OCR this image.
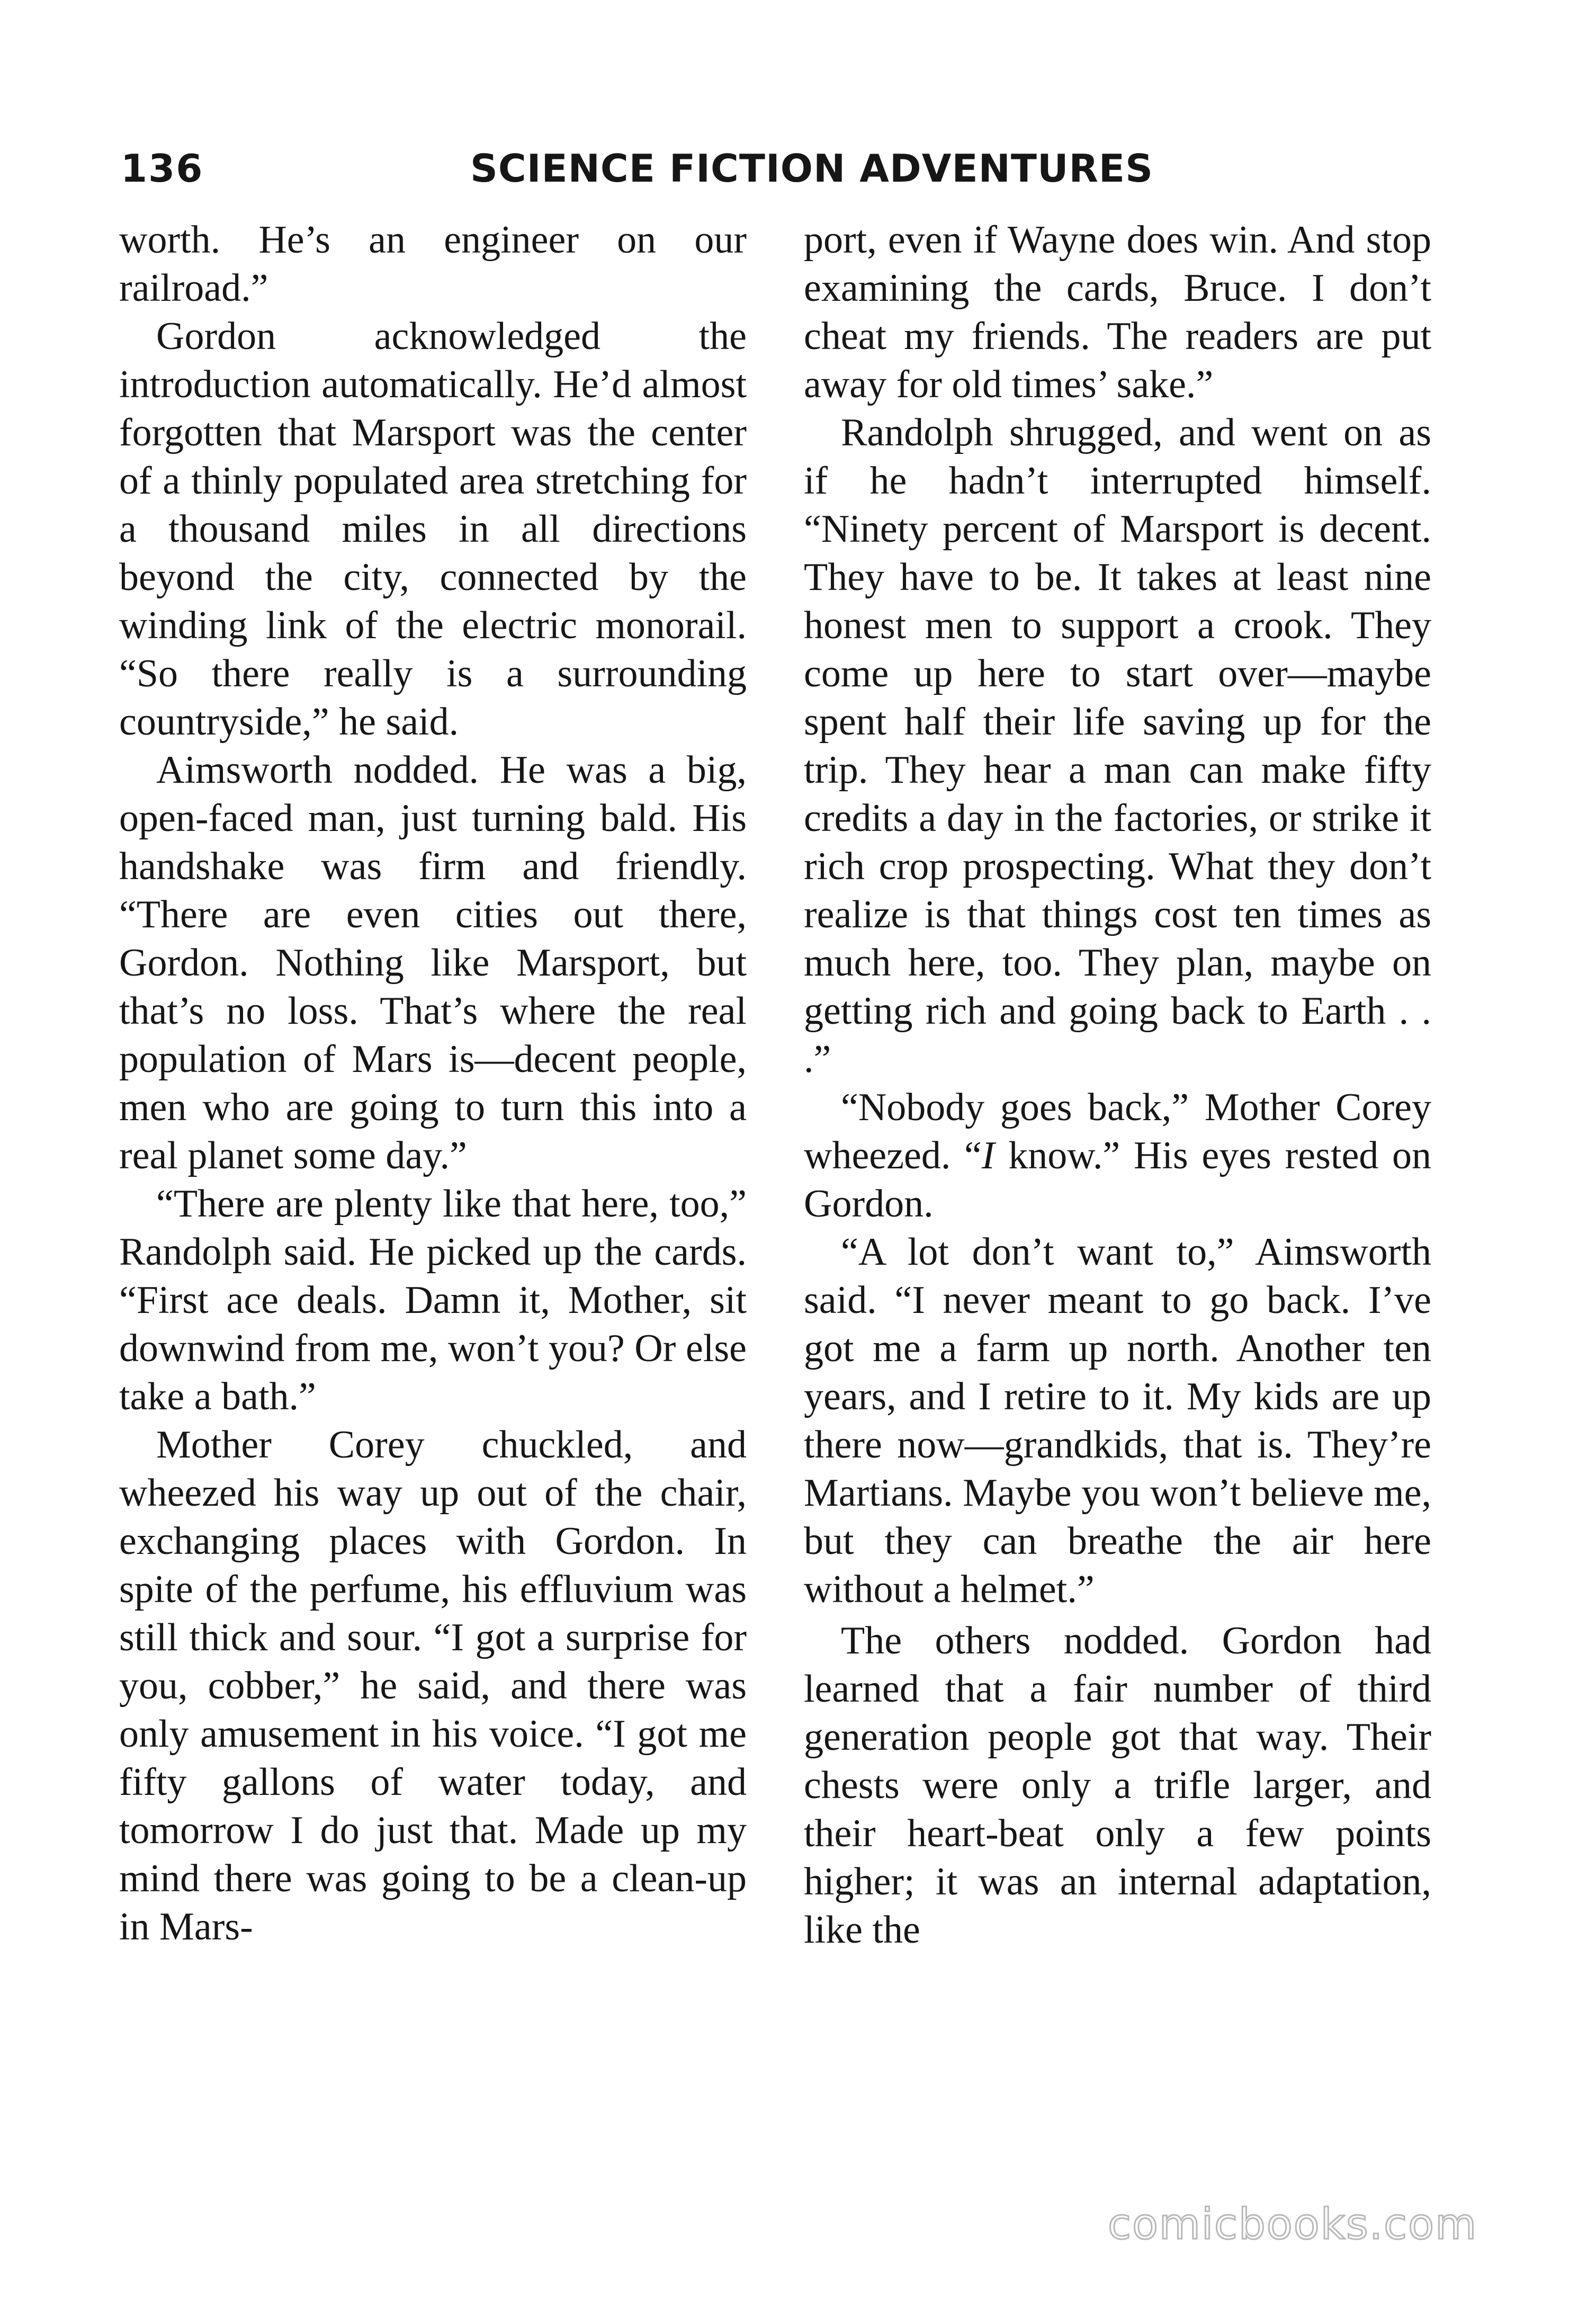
136	SCIENCE FICTION ADVENTURES

worth. He’s an engineer on our railroad.”

Gordon acknowledged the introduction automatically. He’d almost forgotten that Marsport was the center of a thinly populated area stretching for a thousand miles in all directions beyond the city, connected by the winding link of the electric monorail. “So there really is a surrounding countryside,” he said.

Aimsworth nodded. He was a big, open-faced man, just turning bald. His handshake was firm and friendly. “There are even cities out there, Gordon. Nothing like Marsport, but that’s no loss. That’s where the real population of Mars is—decent people, men who are going to turn this into a real planet some day.”

“There are plenty like that here, too,” Randolph said. He picked up the cards. “First ace deals. Damn it, Mother, sit downwind from me, won’t you? Or else take a bath.”

Mother Corey chuckled, and wheezed his way up out of the chair, exchanging places with Gordon. In spite of the perfume, his effluvium was still thick and sour. “I got a surprise for you, cobber,” he said, and there was only amusement in his voice. “I got me fifty gallons of water today, and tomorrow I do just that. Made up my mind there was going to be a clean-up in Mars-

port, even if Wayne does win. And stop examining the cards, Bruce. I don’t cheat my friends. The readers are put away for old times’ sake.”

Randolph shrugged, and went on as if he hadn’t interrupted himself. “Ninety percent of Marsport is decent. They have to be. It takes at least nine honest men to support a crook. They come up here to start over—maybe spent half their life saving up for the trip. They hear a man can make fifty credits a day in the factories, or strike it rich crop prospecting. What they don’t realize is that things cost ten times as much here, too. They plan, maybe on getting rich and going back to Earth . . .”

“Nobody goes back,” Mother Corey wheezed. “I know.” His eyes rested on Gordon.

“A lot don’t want to,” Aimsworth said. “I never meant to go back. I’ve got me a farm up north. Another ten years, and I retire to it. My kids are up there now—grandkids, that is. They’re Martians. Maybe you won’t believe me, but they can breathe the air here without a helmet.”

The others nodded. Gordon had learned that a fair number of third generation people got that way. Their chests were only a trifle larger, and their heart-beat only a few points higher; it was an internal adaptation, like the

comicbooks.com
